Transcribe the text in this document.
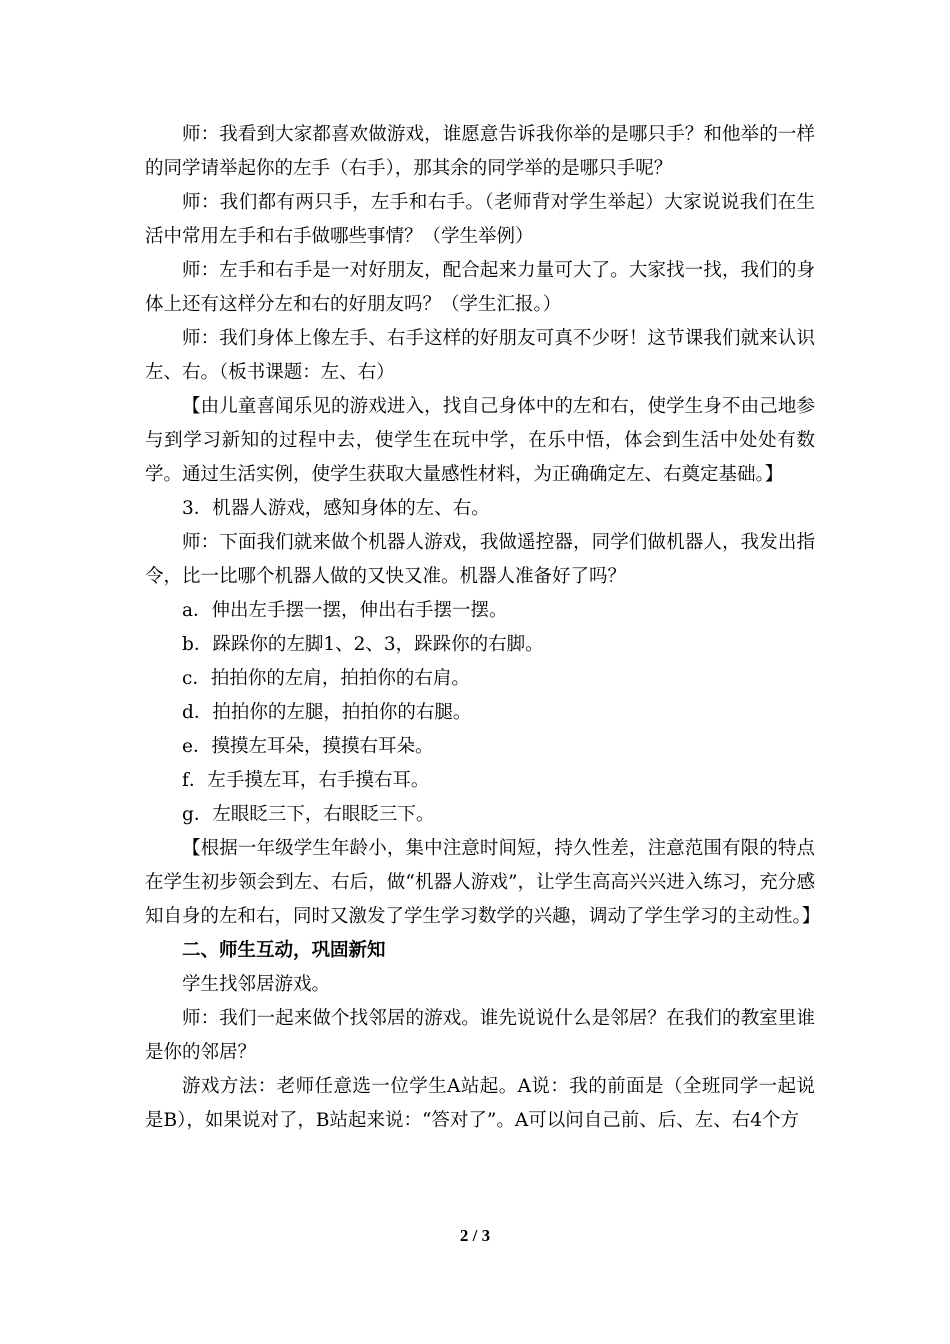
师：我看到大家都喜欢做游戏，谁愿意告诉我你举的是哪只手？和他举的一样的同学请举起你的左手（右手），那其余的同学举的是哪只手呢？

师：我们都有两只手，左手和右手。（老师背对学生举起）大家说说我们在生活中常用左手和右手做哪些事情？（学生举例）

师：左手和右手是一对好朋友，配合起来力量可大了。大家找一找，我们的身体上还有这样分左和右的好朋友吗？（学生汇报。）

师：我们身体上像左手、右手这样的好朋友可真不少呀！这节课我们就来认识左、右。（板书课题：左、右）

【由儿童喜闻乐见的游戏进入，找自己身体中的左和右，使学生身不由己地参与到学习新知的过程中去，使学生在玩中学，在乐中悟，体会到生活中处处有数学。通过生活实例，使学生获取大量感性材料，为正确确定左、右奠定基础。】

3．机器人游戏，感知身体的左、右。

师：下面我们就来做个机器人游戏，我做遥控器，同学们做机器人，我发出指令，比一比哪个机器人做的又快又准。机器人准备好了吗？

a．伸出左手摆一摆，伸出右手摆一摆。

b．跺跺你的左脚1、2、3，跺跺你的右脚。

c．拍拍你的左肩，拍拍你的右肩。

d．拍拍你的左腿，拍拍你的右腿。

e．摸摸左耳朵，摸摸右耳朵。

f．左手摸左耳，右手摸右耳。

g．左眼眨三下，右眼眨三下。

【根据一年级学生年龄小，集中注意时间短，持久性差，注意范围有限的特点在学生初步领会到左、右后，做“机器人游戏”，让学生高高兴兴进入练习，充分感知自身的左和右，同时又激发了学生学习数学的兴趣，调动了学生学习的主动性。】

二、师生互动，巩固新知

学生找邻居游戏。

师：我们一起来做个找邻居的游戏。谁先说说什么是邻居？在我们的教室里谁是你的邻居？

游戏方法：老师任意选一位学生A站起。A说：我的前面是（全班同学一起说是B），如果说对了，B站起来说：“答对了”。A可以问自己前、后、左、右4个方

2 / 3
